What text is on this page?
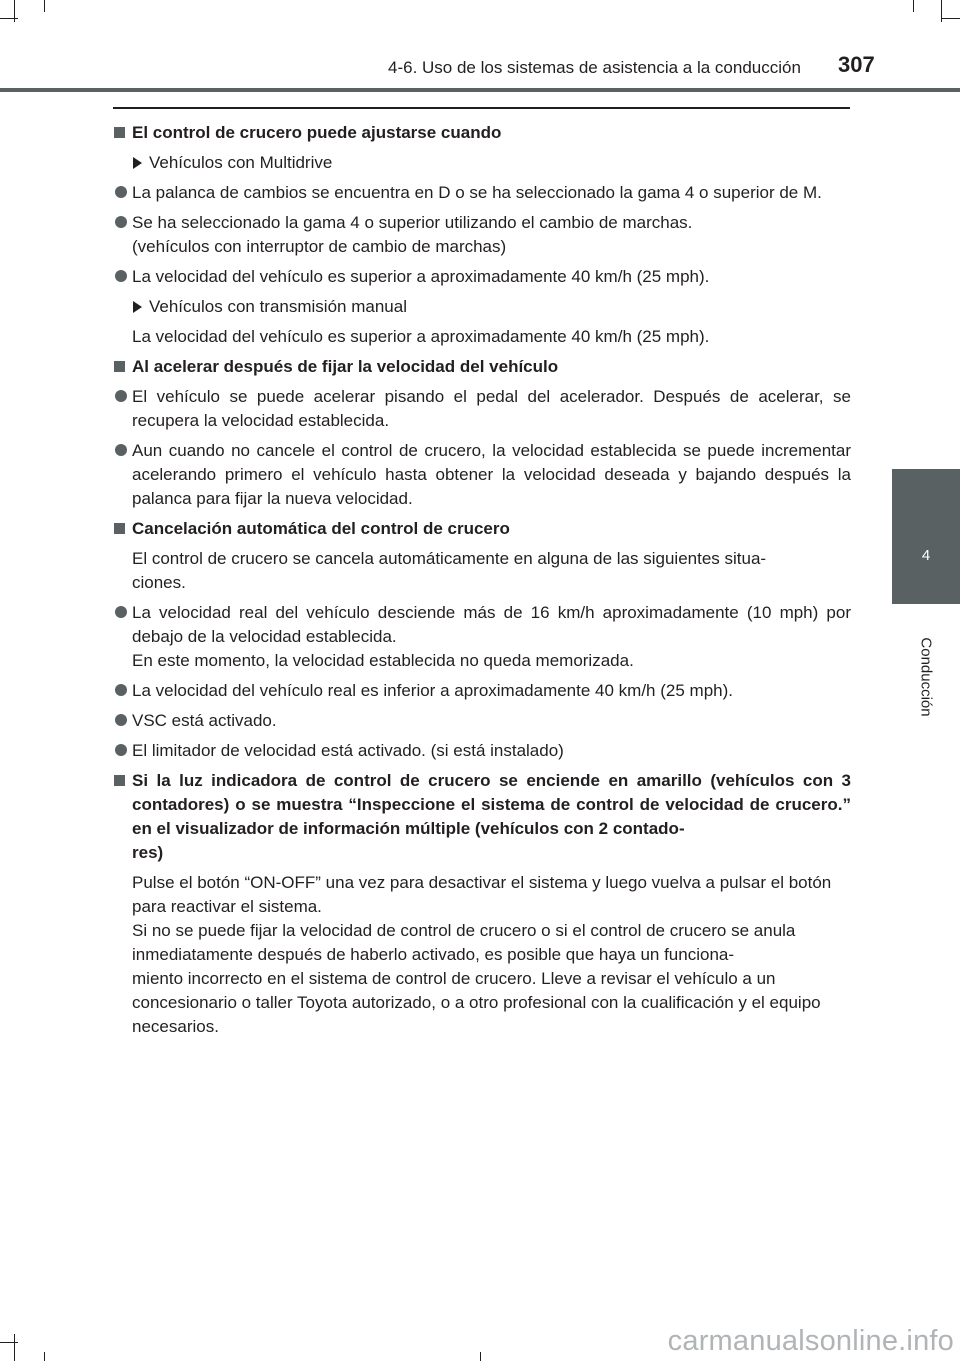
4-6. Uso de los sistemas de asistencia a la conducción 307
4
Conducción
El control de crucero puede ajustarse cuando
Vehículos con Multidrive
La palanca de cambios se encuentra en D o se ha seleccionado la gama 4 o superior de M.
Se ha seleccionado la gama 4 o superior utilizando el cambio de marchas.
(vehículos con interruptor de cambio de marchas)
La velocidad del vehículo es superior a aproximadamente 40 km/h (25 mph).
Vehículos con transmisión manual
La velocidad del vehículo es superior a aproximadamente 40 km/h (25 mph).
Al acelerar después de fijar la velocidad del vehículo
El vehículo se puede acelerar pisando el pedal del acelerador. Después de acelerar, se recupera la velocidad establecida.
Aun cuando no cancele el control de crucero, la velocidad establecida se puede incrementar acelerando primero el vehículo hasta obtener la velocidad deseada y bajando después la palanca para fijar la nueva velocidad.
Cancelación automática del control de crucero
El control de crucero se cancela automáticamente en alguna de las siguientes situa-
ciones.
La velocidad real del vehículo desciende más de 16 km/h aproximadamente (10 mph) por debajo de la velocidad establecida.
En este momento, la velocidad establecida no queda memorizada.
La velocidad del vehículo real es inferior a aproximadamente 40 km/h (25 mph).
VSC está activado.
El limitador de velocidad está activado. (si está instalado)
Si la luz indicadora de control de crucero se enciende en amarillo (vehículos con 3 contadores) o se muestra “Inspeccione el sistema de control de velocidad de crucero.” en el visualizador de información múltiple (vehículos con 2 contado-
res)
Pulse el botón “ON-OFF” una vez para desactivar el sistema y luego vuelva a pulsar el botón para reactivar el sistema.
Si no se puede fijar la velocidad de control de crucero o si el control de crucero se anula inmediatamente después de haberlo activado, es posible que haya un funciona-
miento incorrecto en el sistema de control de crucero. Lleve a revisar el vehículo a un concesionario o taller Toyota autorizado, o a otro profesional con la cualificación y el equipo necesarios.
carmanualsonline.info
